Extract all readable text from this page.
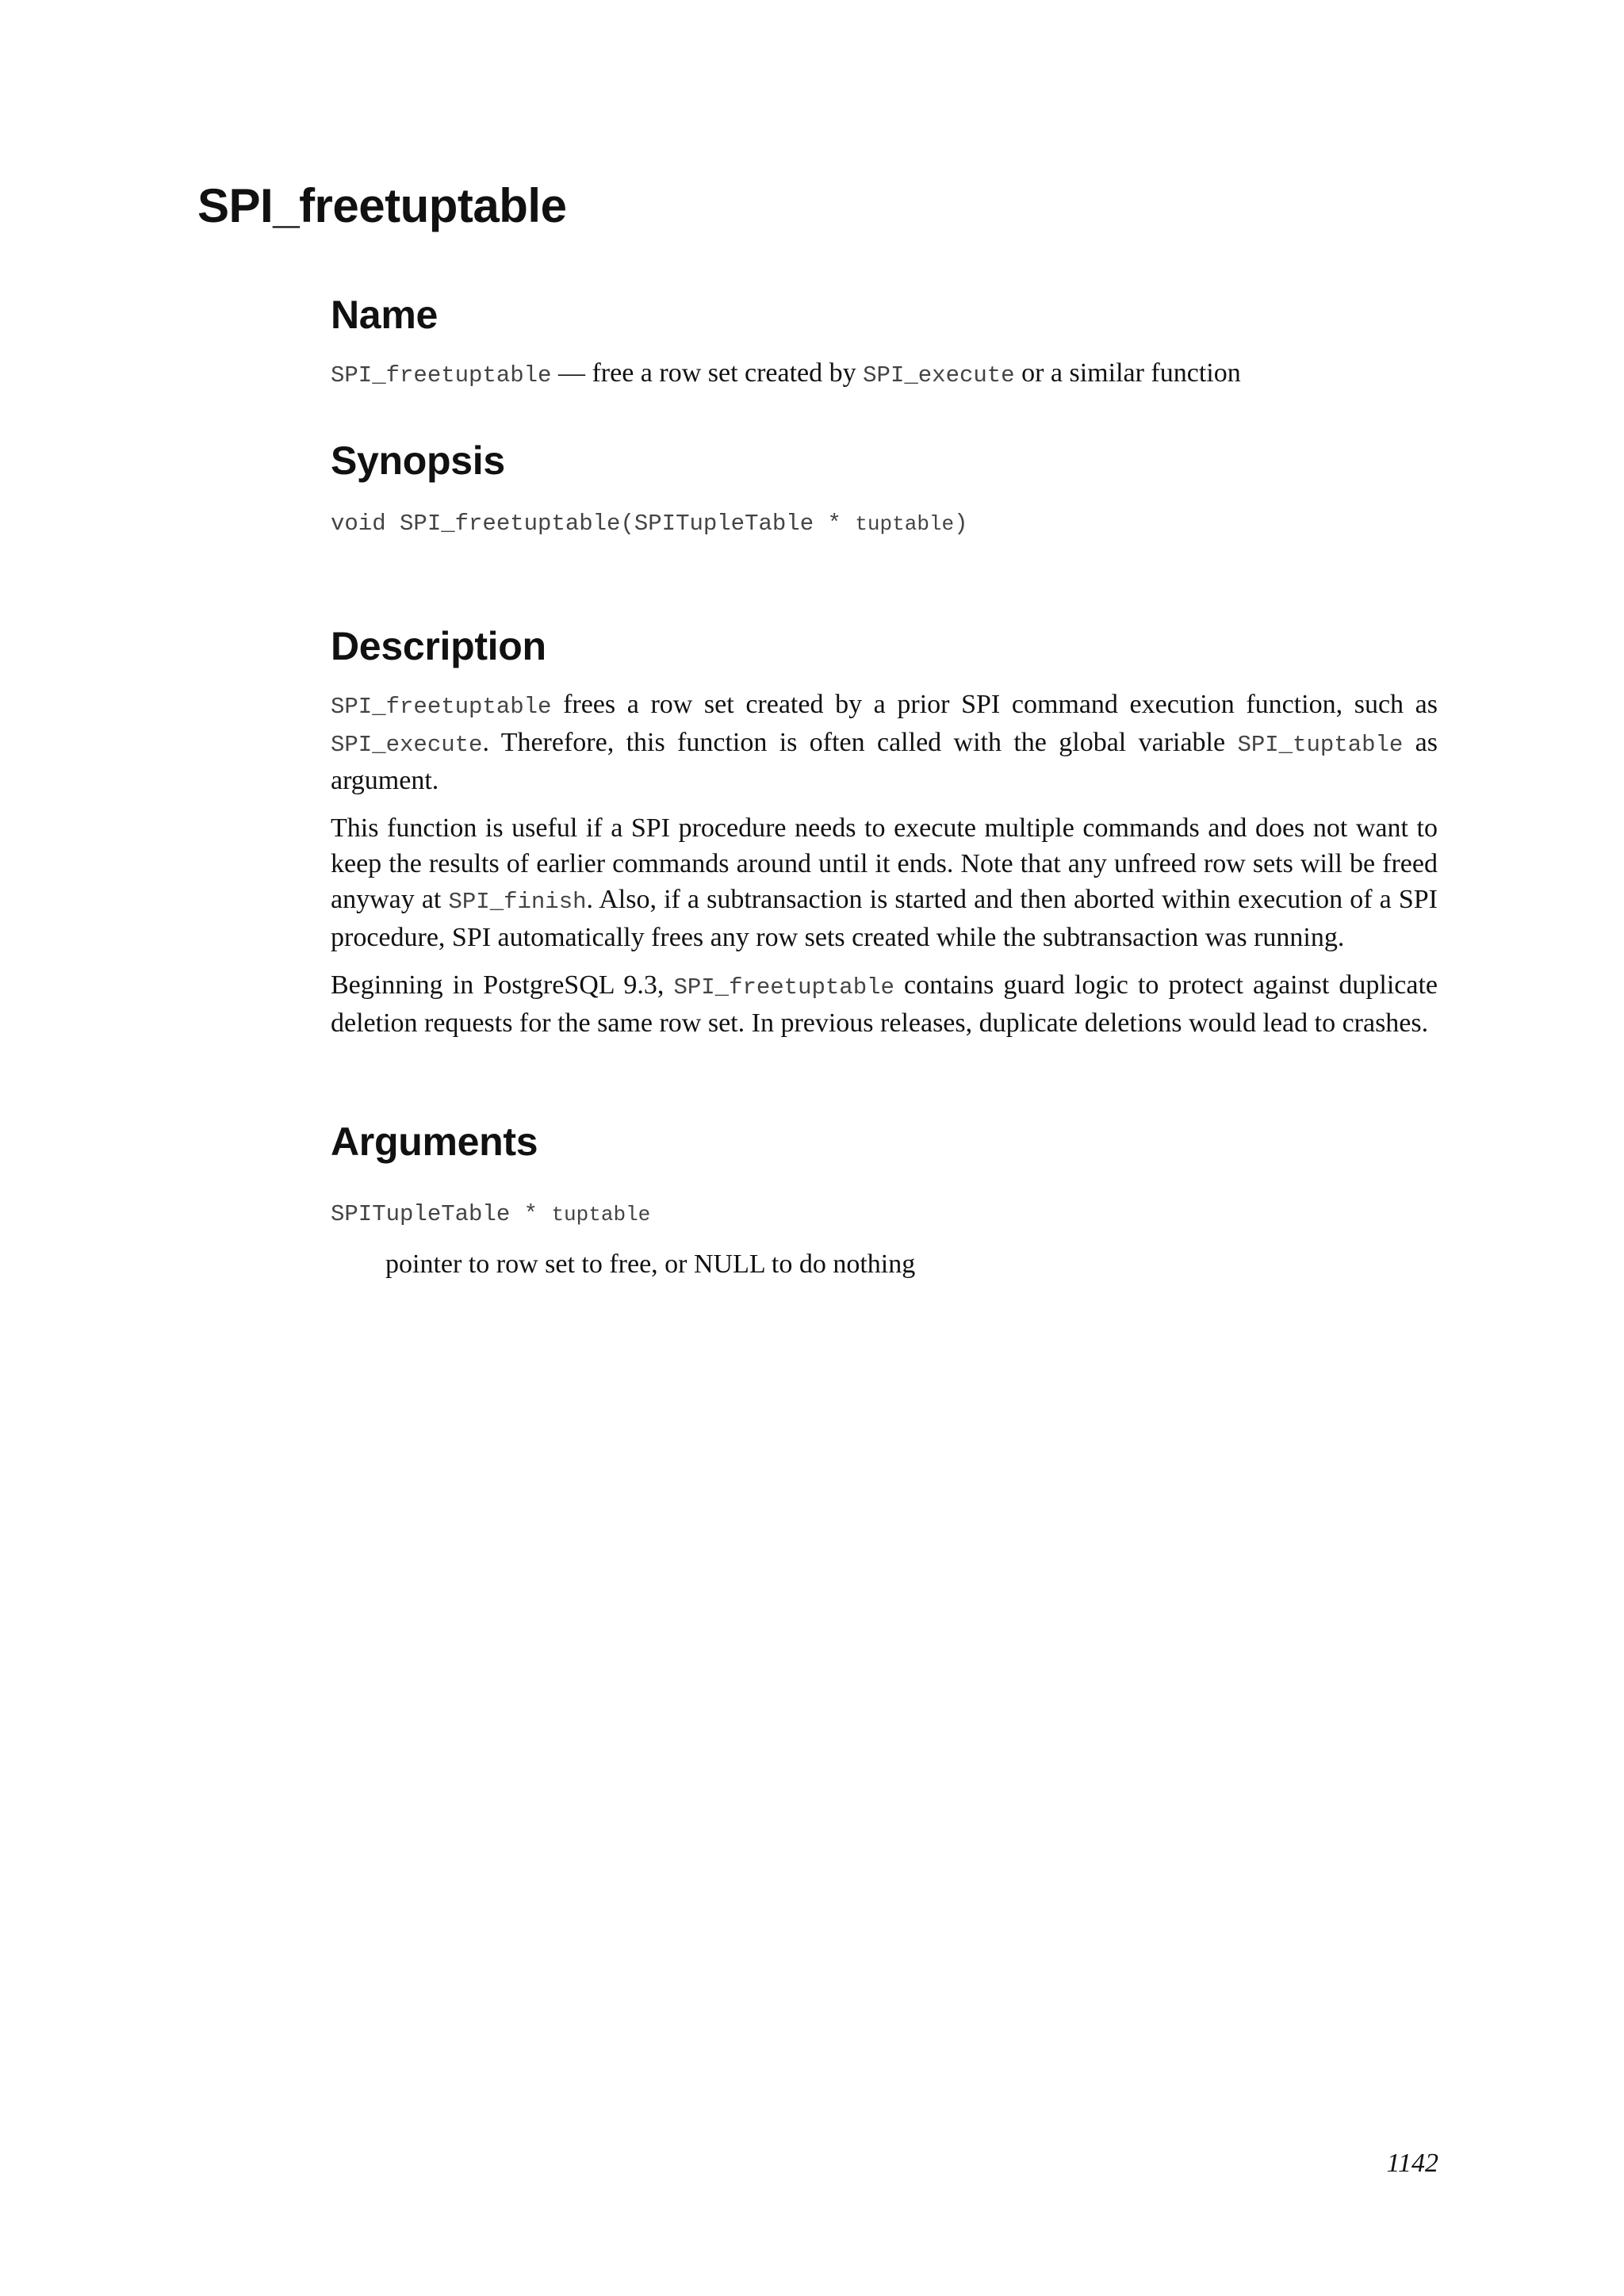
SPI_freetuptable
Name

SPI_freetuptable — free a row set created by SPI_execute or a similar function

Synopsis

void SPI_freetuptable(SPITupleTable * tuptable)

Description

SPI_freetuptable frees a row set created by a prior SPI command execution function, such as SPI_execute. Therefore, this function is often called with the global variable SPI_tuptable as argument.

This function is useful if a SPI procedure needs to execute multiple commands and does not want to keep the results of earlier commands around until it ends. Note that any unfreed row sets will be freed anyway at SPI_finish. Also, if a subtransaction is started and then aborted within execution of a SPI procedure, SPI automatically frees any row sets created while the subtransaction was running.

Beginning in PostgreSQL 9.3, SPI_freetuptable contains guard logic to protect against duplicate deletion requests for the same row set. In previous releases, duplicate deletions would lead to crashes.

Arguments

SPITupleTable * tuptable

pointer to row set to free, or NULL to do nothing

1142
